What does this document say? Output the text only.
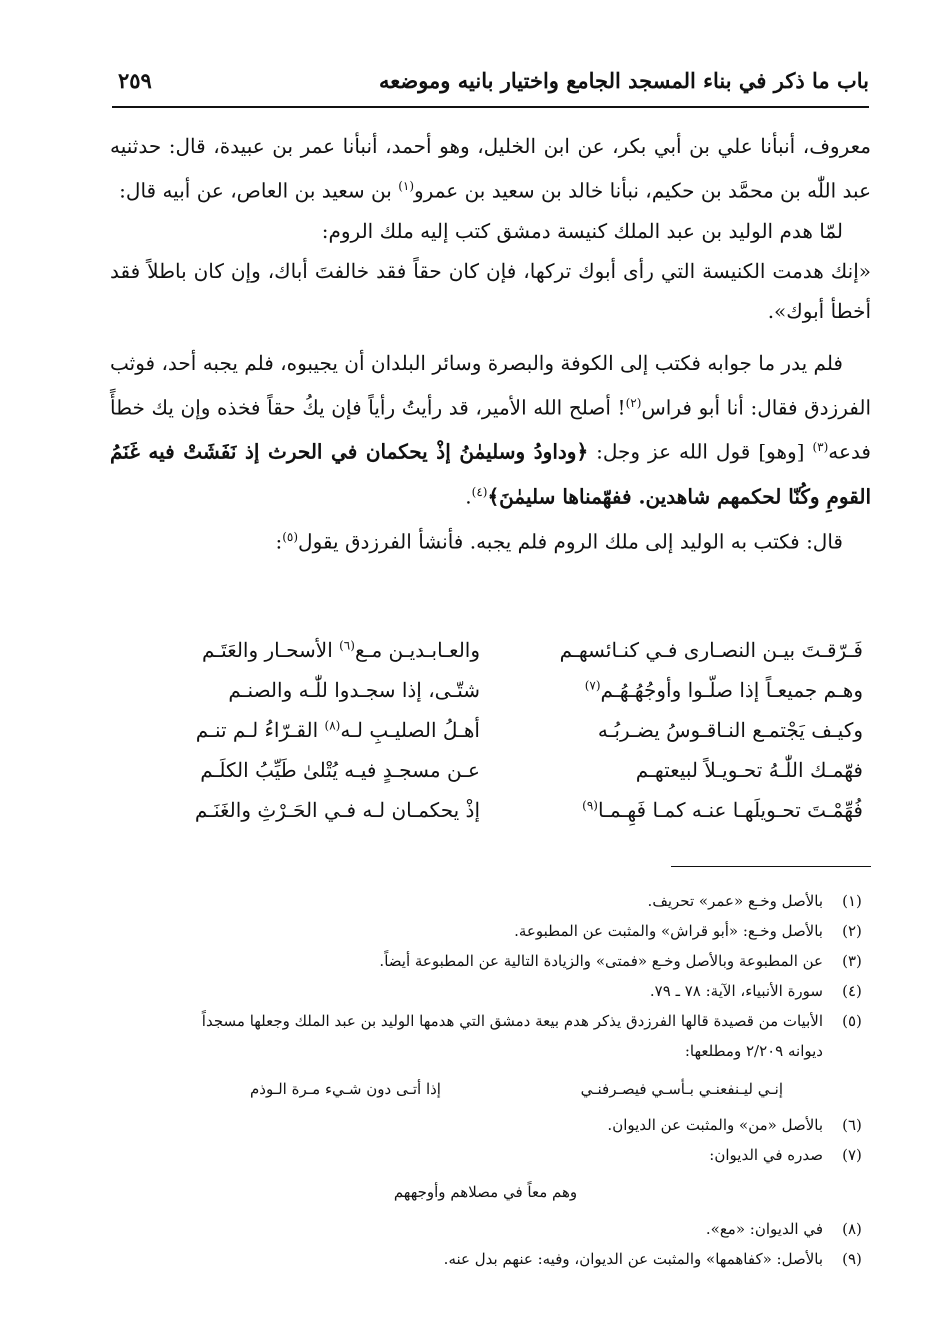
باب ما ذكر في بناء المسجد الجامع واختيار بانيه وموضعه
٢٥٩

معروف، أنبأنا علي بن أبي بكر، عن ابن الخليل، وهو أحمد، أنبأنا عمر بن عبيدة، قال: حدثنيه عبد اللّٰه بن محمَّد بن حكيم، نبأنا خالد بن سعيد بن عمرو$^{(١)}$ بن سعيد بن العاص، عن أبيه قال:

لمّا هدم الوليد بن عبد الملك كنيسة دمشق كتب إليه ملك الروم:

«إنك هدمت الكنيسة التي رأى أبوك تركها، فإن كان حقاً فقد خالفتَ أباك، وإن كان باطلاً فقد أخطأ أبوك».

فلم يدر ما جوابه فكتب إلى الكوفة والبصرة وسائر البلدان أن يجيبوه، فلم يجبه أحد، فوثب الفرزدق فقال: أنا أبو فراس$^{(٢)}$! أصلح الله الأمير، قد رأيتُ رأياً فإن يكُ حقاً فخذه وإن يك خطأً فدعه$^{(٣)}$ [وهو] قول الله عز وجل: ﴿وداودُ وسليمٰنُ إذْ يحكمان في الحرث إذ نَفَشَتْ فيه غَنَمُ القومِ وكُنّا لحكمهم شاهدين. ففهّمناها سليمٰنَ﴾$^{(٤)}$.

قال: فكتب به الوليد إلى ملك الروم فلم يجبه. فأنشأ الفرزدق يقول$^{(٥)}$:

فَـرّقـتَ بيـن النصـارى فـي كنـائسهـم
والعـابـديـن مـع$^{(٦)}$ الأسحـار والعَتَـم
وهـم جميعـاً إذا صلّـوا وأوجُهُـهُـم$^{(٧)}$
شتّـى، إذا سجـدوا للّٰـه والصنـم
وكيـف يَجْتمـع النـاقـوسُ يضـربُـه
أهـلُ الصليـبِ لـه$^{(٨)}$ القـرّاءُ لـم تنـم
فهّمـك اللّٰـهُ تحـويـلاً لبيعتهـم
عـن مسجـدٍ فيـه يُتْلىٰ طَيِّبُ الكلَـم
فُهِّمْـتَ تحـويلَهـا عنـه كمـا فَهِـمـا$^{(٩)}$
إذْ يحكمـان لـه فـي الحَـرْثِ والغَنَـم
(١)
بالأصل وخـع «عمر» تحريف.
(٢)
بالأصل وخـع: «أبو قراش» والمثبت عن المطبوعة.
(٣)
عن المطبوعة وبالأصل وخـع «فمتى» والزيادة التالية عن المطبوعة أيضاً.
(٤)
سورة الأنبياء، الآية: ٧٨ ـ ٧٩.
(٥)
الأبيات من قصيدة قالها الفرزدق يذكر هدم بيعة دمشق التي هدمها الوليد بن عبد الملك وجعلها مسجداً
ديوانه ٢/٢٠٩ ومطلعها:
إنـي ليـنفعنـي بـأسـي فيصـرفنـي
إذا أتـى دون شـيء مـرة الـوذم
(٦)
بالأصل «من» والمثبت عن الديوان.
(٧)
صدره في الديوان:
وهم معاً في مصلاهم وأوجههم
(٨)
في الديوان: «مع».
(٩)
بالأصل: «كفاهمها» والمثبت عن الديوان، وفيه: عنهم بدل عنه.
